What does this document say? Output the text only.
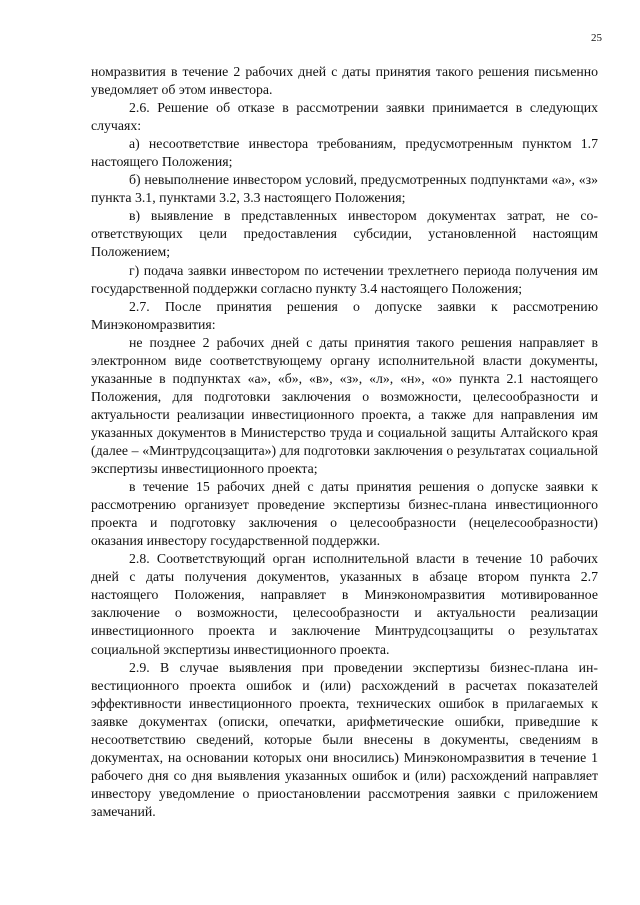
25

номразвития в течение 2 рабочих дней с даты принятия такого решения письменно уведомляет об этом инвестора.

2.6. Решение об отказе в рассмотрении заявки принимается в следующих случаях:

а) несоответствие инвестора требованиям, предусмотренным пунктом 1.7 настоящего Положения;

б) невыполнение инвестором условий, предусмотренных подпунктами «а», «з» пункта 3.1, пунктами 3.2, 3.3 настоящего Положения;

в) выявление в представленных инвестором документах затрат, не соответствующих цели предоставления субсидии, установленной настоящим Положением;

г) подача заявки инвестором по истечении трехлетнего периода получения им государственной поддержки согласно пункту 3.4 настоящего Положения;

2.7. После принятия решения о допуске заявки к рассмотрению Минэкономразвития:

не позднее 2 рабочих дней с даты принятия такого решения направляет в электронном виде соответствующему органу исполнительной власти документы, указанные в подпунктах «а», «б», «в», «з», «л», «н», «о» пункта 2.1 настоящего Положения, для подготовки заключения о возможности, целесообразности и актуальности реализации инвестиционного проекта, а также для направления им указанных документов в Министерство труда и социальной защиты Алтайского края (далее – «Минтрудсоцзащита») для подготовки заключения о результатах социальной экспертизы инвестиционного проекта;

в течение 15 рабочих дней с даты принятия решения о допуске заявки к рассмотрению организует проведение экспертизы бизнес-плана инвестиционного проекта и подготовку заключения о целесообразности (нецелесообразности) оказания инвестору государственной поддержки.

2.8. Соответствующий орган исполнительной власти в течение 10 рабочих дней с даты получения документов, указанных в абзаце втором пункта 2.7 настоящего Положения, направляет в Минэкономразвития мотивированное заключение о возможности, целесообразности и актуальности реализации инвестиционного проекта и заключение Минтрудсоцзащиты о результатах социальной экспертизы инвестиционного проекта.

2.9. В случае выявления при проведении экспертизы бизнес-плана инвестиционного проекта ошибок и (или) расхождений в расчетах показателей эффективности инвестиционного проекта, технических ошибок в прилагаемых к заявке документах (описки, опечатки, арифметические ошибки, приведшие к несоответствию сведений, которые были внесены в документы, сведениям в документах, на основании которых они вносились) Минэкономразвития в течение 1 рабочего дня со дня выявления указанных ошибок и (или) расхождений направляет инвестору уведомление о приостановлении рассмотрения заявки с приложением замечаний.
